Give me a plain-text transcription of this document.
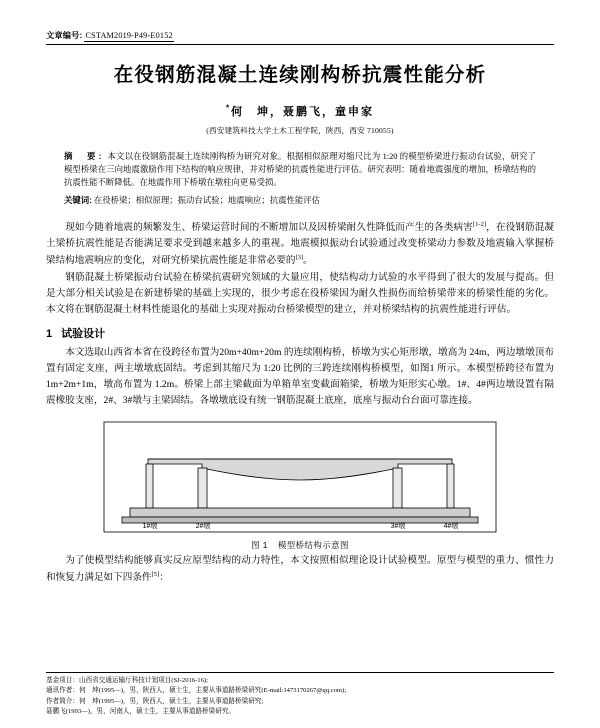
文章编号: CSTAM2019-P49-E0152
在役钢筋混凝土连续刚构桥抗震性能分析
*何　坤，聂鹏飞，童申家
(西安建筑科技大学土木工程学院，陕西，西安 710055)
摘　要: 本文以在役钢筋混凝土连续刚构桥为研究对象。根据相似原理对缩尺比为 1:20 的模型桥梁进行振动台试验，研究了模型桥梁在三向地震激励作用下结构的响应规律，并对桥梁的抗震性能进行评估。研究表明：随着地震强度的增加，桥墩结构的抗震性能不断降低。在地震作用下桥墩在墩柱向更易受损。
关键词: 在役桥梁；相似原理；振动台试验；地震响应；抗震性能评估

现如今随着地震的频繁发生、桥梁运营时间的不断增加以及因桥梁耐久性降低而产生的各类病害[1-2]，在役钢筋混凝土梁桥抗震性能是否能满足要求受到越来越多人的重视。地震模拟振动台试验通过改变桥梁动力参数及地震输入掌握桥梁结构地震响应的变化，对研究桥梁抗震性能是非常必要的[3]。

钢筋混凝土桥梁振动台试验在桥梁抗震研究领域的大量应用，使结构动力试验的水平得到了很大的发展与提高。但是大部分相关试验是在新建桥梁的基础上实现的，很少考虑在役桥梁因为耐久性损伤而给桥梁带来的桥梁性能的劣化。本文将在钢筋混凝土材料性能退化的基础上实现对振动台桥梁模型的建立，并对桥梁结构的抗震性能进行评估。

1 试验设计

本文选取山西省本省在役跨径布置为20m+40m+20m 的连续刚构桥，桥墩为实心矩形墩，墩高为 24m，两边墩墩顶布置有固定支座，两主墩墩底固结。考虑到其缩尺为 1:20 比例的三跨连续刚构桥模型，如图1 所示。本模型桥跨径布置为 1m+2m+1m，墩高布置为 1.2m。桥梁上部主梁截面为单箱单室变截面箱梁，桥墩为矩形实心墩。1#、4#两边墩设置有隔震橡胶支座，2#、3#墩与主梁固结。各墩墩底设有统一钢筋混凝土底座，底座与振动台台面可靠连接。

1#墩	2#墩	3#墩	4#墩
图 1 模型桥结构示意图

为了使模型结构能够真实反应原型结构的动力特性，本文按照相似理论设计试验模型。原型与模型的重力、惯性力和恢复力满足如下四条件[5]：

基金项目：山西省交通运输厅科技计划项目(SJ-2016-16);
通讯作者：何　坤(1995—)，男，陕西人，硕士生，主要从事道路桥梁研究(E-mail:1473170267@qq.com);
作者简介：何　坤(1995—)，男，陕西人，硕士生，主要从事道路桥梁研究;
聂鹏飞(1993—)，男，河南人，硕士生，主要从事道路桥梁研究。
